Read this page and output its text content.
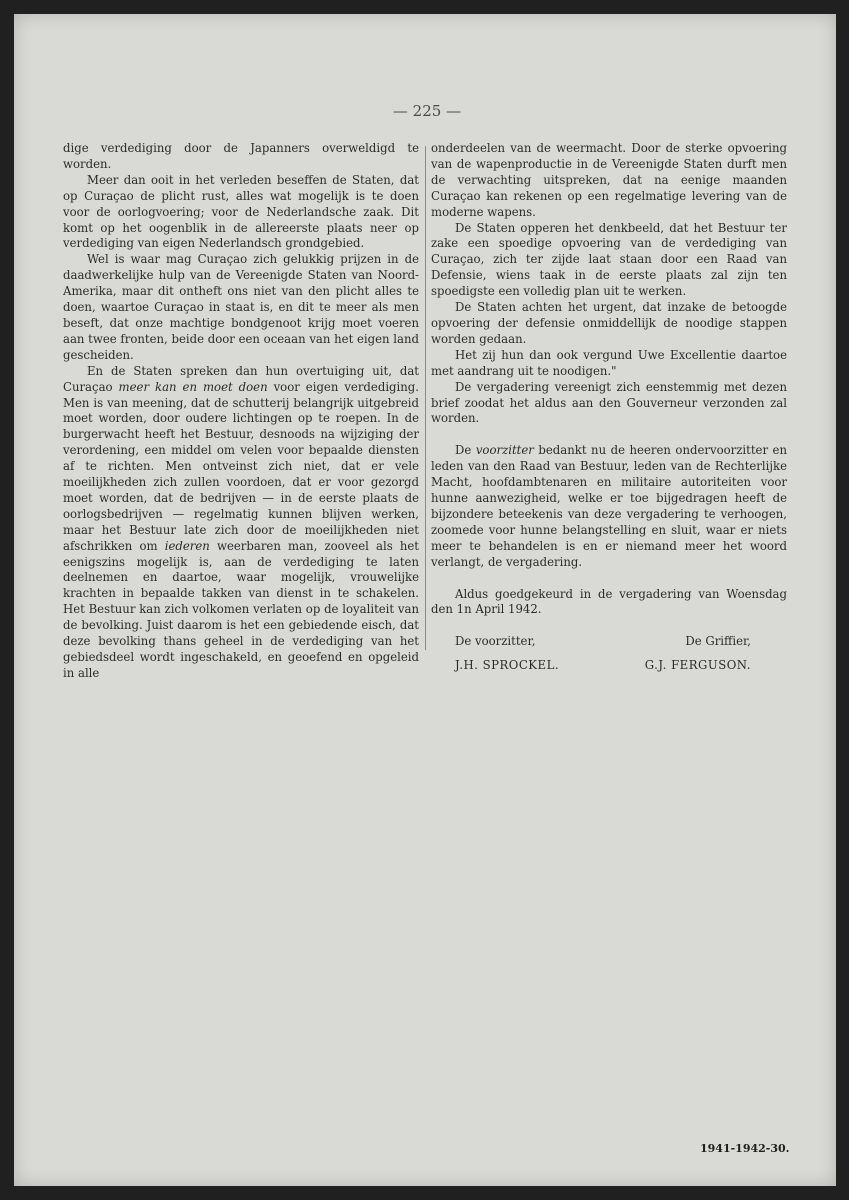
— 225 —

dige verdediging door de Japanners overweldigd te worden.

Meer dan ooit in het verleden beseffen de Staten, dat op Curaçao de plicht rust, alles wat mogelijk is te doen voor de oorlogvoering; voor de Nederlandsche zaak. Dit komt op het oogenblik in de allereerste plaats neer op verdediging van eigen Nederlandsch grondgebied.

Wel is waar mag Curaçao zich gelukkig prijzen in de daadwerkelijke hulp van de Vereenigde Staten van Noord-Amerika, maar dit ontheft ons niet van den plicht alles te doen, waartoe Curaçao in staat is, en dit te meer als men beseft, dat onze machtige bondgenoot krijg moet voeren aan twee fronten, beide door een oceaan van het eigen land gescheiden.

En de Staten spreken dan hun overtuiging uit, dat Curaçao meer kan en moet doen voor eigen verdediging. Men is van meening, dat de schutterij belangrijk uitgebreid moet worden, door oudere lichtingen op te roepen. In de burgerwacht heeft het Bestuur, desnoods na wijziging der verordening, een middel om velen voor bepaalde diensten af te richten. Men ontveinst zich niet, dat er vele moeilijkheden zich zullen voordoen, dat er voor gezorgd moet worden, dat de bedrijven — in de eerste plaats de oorlogsbedrijven — regelmatig kunnen blijven werken, maar het Bestuur late zich door de moeilijkheden niet afschrikken om iederen weerbaren man, zooveel als het eenigszins mogelijk is, aan de verdediging te laten deelnemen en daartoe, waar mogelijk, vrouwelijke krachten in bepaalde takken van dienst in te schakelen. Het Bestuur kan zich volkomen verlaten op de loyaliteit van de bevolking. Juist daarom is het een gebiedende eisch, dat deze bevolking thans geheel in de verdediging van het gebiedsdeel wordt ingeschakeld, en geoefend en opgeleid in alle

onderdeelen van de weermacht. Door de sterke opvoering van de wapenproductie in de Vereenigde Staten durft men de verwachting uitspreken, dat na eenige maanden Curaçao kan rekenen op een regelmatige levering van de moderne wapens.

De Staten opperen het denkbeeld, dat het Bestuur ter zake een spoedige opvoering van de verdediging van Curaçao, zich ter zijde laat staan door een Raad van Defensie, wiens taak in de eerste plaats zal zijn ten spoedigste een volledig plan uit te werken.

De Staten achten het urgent, dat inzake de betoogde opvoering der defensie onmiddellijk de noodige stappen worden gedaan.

Het zij hun dan ook vergund Uwe Excellentie daartoe met aandrang uit te noodigen."

De vergadering vereenigt zich eenstemmig met dezen brief zoodat het aldus aan den Gouverneur verzonden zal worden.

De voorzitter bedankt nu de heeren ondervoorzitter en leden van den Raad van Bestuur, leden van de Rechterlijke Macht, hoofdambtenaren en militaire autoriteiten voor hunne aanwezigheid, welke er toe bijgedragen heeft de bijzondere beteekenis van deze vergadering te verhoogen, zoomede voor hunne belangstelling en sluit, waar er niets meer te behandelen is en er niemand meer het woord verlangt, de vergadering.

Aldus goedgekeurd in de vergadering van Woensdag den 1n April 1942.

De voorzitter,	De Griffier,
J.H. SPROCKEL.	G.J. FERGUSON.
1941-1942-30.
